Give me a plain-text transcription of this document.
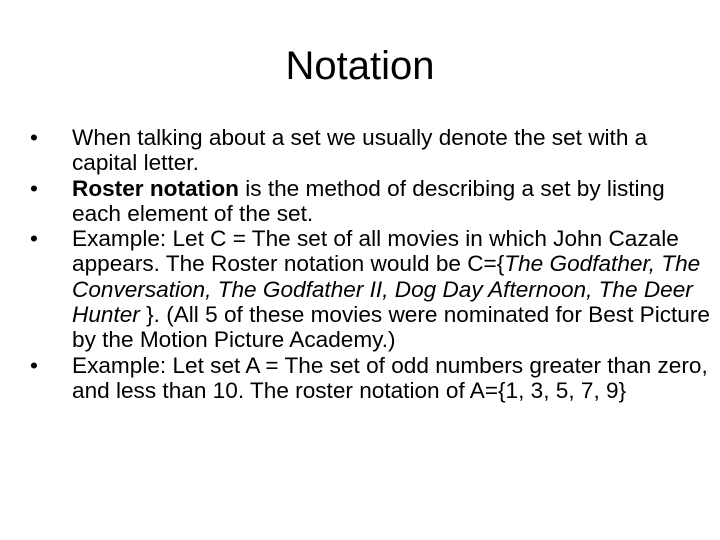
Notation
•	When talking about a set we usually denote the set with a capital letter.
•	Roster notation is the method of describing a set by listing each element of the set.
•	Example: Let C = The set of all movies in which John Cazale appears. The Roster notation would be C={The Godfather, The Conversation, The Godfather II, Dog Day Afternoon, The Deer Hunter }. (All 5 of these movies were nominated for Best Picture by the Motion Picture Academy.)
•	Example: Let set A = The set of odd numbers greater than zero, and less than 10. The roster notation of A={1, 3, 5, 7, 9}
